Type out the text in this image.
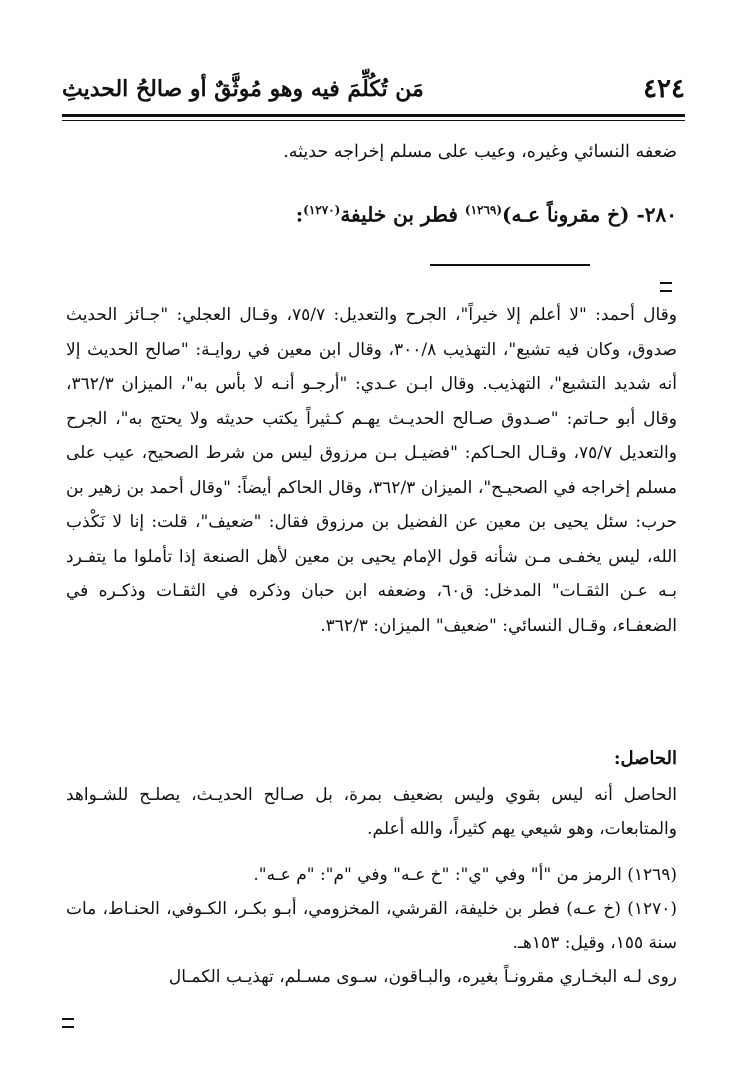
٤٢٤
مَن تُكُلِّمَ فيه وهو مُوثَّقٌ أو صالحُ الحديثِ
ضعفه النسائي وغيره، وعيب على مسلم إخراجه حديثه.
٢٨٠- (خ مقروناً عـه)$^{(١٢٦٩)}$ فطر بن خليفة$^{(١٢٧٠)}$:

وقال أحمد: "لا أعلم إلا خيراً"، الجرح والتعديل: ٧٥/٧، وقـال العجلي: "جـائز الحديث صدوق، وكان فيه تشيع"، التهذيب ٣٠٠/٨، وقال ابن معين في روايـة: "صالح الحديث إلا أنه شديد التشيع"، التهذيب. وقال ابـن عـدي: "أرجـو أنـه لا بأس به"، الميزان ٣٦٢/٣، وقال أبو حـاتم: "صـدوق صـالح الحديـث يهـم كـثيراً يكتب حديثه ولا يحتج به"، الجرح والتعديل ٧٥/٧، وقـال الحـاكم: "فضيـل بـن مرزوق ليس من شرط الصحيح، عيب على مسلم إخراجه في الصحيـح"، الميزان ٣٦٢/٣، وقال الحاكم أيضاً: "وقال أحمد بن زهير بن حرب: سئل يحيى بن معين عن الفضيل بن مرزوق فقال: "ضعيف"، قلت: إنا لا نَكْذب الله، ليس يخفـى مـن شأنه قول الإمام يحيى بن معين لأهل الصنعة إذا تأملوا ما يتفـرد بـه عـن الثقـات" المدخل: ق٦٠، وضعفه ابن حبان وذكره في الثقـات وذكـره في الضعفـاء، وقـال النسائي: "ضعيف" الميزان: ٣٦٢/٣.

الحاصل:

الحاصل أنه ليس بقوي وليس بضعيف بمرة، بل صـالح الحديـث، يصلـح للشـواهد والمتابعات، وهو شيعي يهم كثيراً، والله أعلم.

(١٢٦٩) الرمز من "أ" وفي "ي": "خ عـه" وفي "م": "م عـه".

(١٢٧٠) (خ عـه) فطر بن خليفة، القرشي، المخزومي، أبـو بكـر، الكـوفي، الحنـاط، مات سنة ١٥٥، وقيل: ١٥٣هـ.

روى لـه البخـاري مقرونـاً بغيره، والبـاقون، سـوى مسـلم، تهذيـب الكمـال
